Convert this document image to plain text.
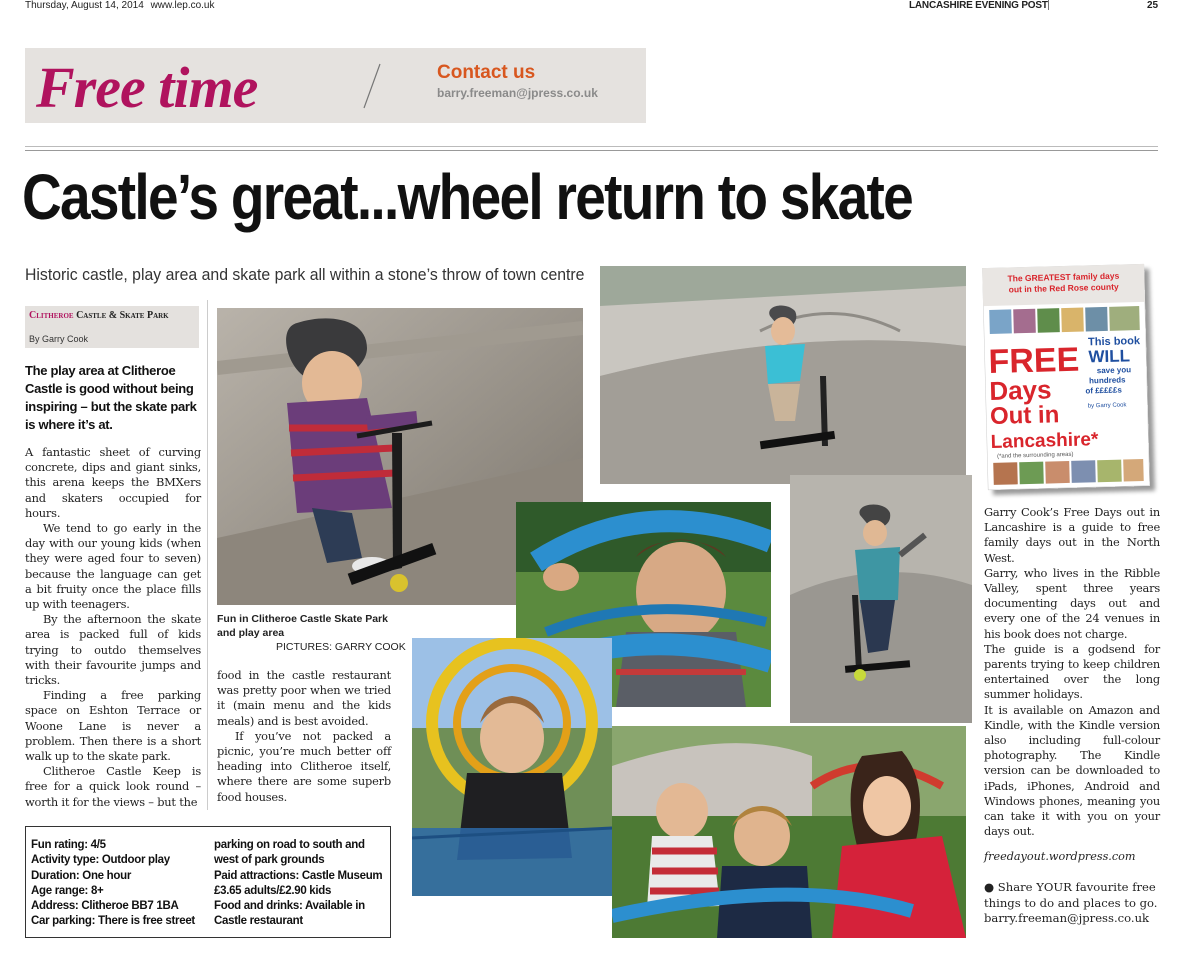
Thursday, August 14, 2014 www.lep.co.uk	LANCASHIRE EVENING POST	25
Free time	Contact us
barry.freeman@jpress.co.uk
Castle’s great...wheel return to skate
Historic castle, play area and skate park all within a stone’s throw of town centre
Clitheroe Castle & Skate Park
By Garry Cook
The play area at Clitheroe Castle is good without being inspiring – but the skate park is where it’s at.

A fantastic sheet of curving concrete, dips and giant sinks, this arena keeps the BMXers and skaters occupied for hours.

We tend to go early in the day with our young kids (when they were aged four to seven) because the language can get a bit fruity once the place fills up with teenagers.

By the afternoon the skate area is packed full of kids trying to outdo themselves with their favourite jumps and tricks.

Finding a free parking space on Eshton Terrace or Woone Lane is never a problem. Then there is a short walk up to the skate park.

Clitheroe Castle Keep is free for a quick look round – worth it for the views – but the

Fun in Clitheroe Castle Skate Park and play area
PICTURES: GARRY COOK

food in the castle restaurant was pretty poor when we tried it (main menu and the kids meals) and is best avoided.

If you’ve not packed a picnic, you’re much better off heading into Clitheroe itself, where there are some superb food houses.

Fun rating: 4/5
Activity type: Outdoor play
Duration: One hour
Age range: 8+
Address: Clitheroe BB7 1BA
Car parking: There is free street
parking on road to south and
west of park grounds
Paid attractions: Castle Museum
£3.65 adults/£2.90 kids
Food and drinks: Available in
Castle restaurant
The GREATEST family days
out in the Red Rose county
FREE
Days
Out in
Lancashire*
(*and the surrounding areas)
This book
WILL
save you
hundreds
of £££££s
by Garry Cook

Garry Cook’s Free Days out in Lancashire is a guide to free family days out in the North West.

Garry, who lives in the Ribble Valley, spent three years documenting days out and every one of the 24 venues in his book does not charge.

The guide is a godsend for parents trying to keep children entertained over the long summer holidays.

It is available on Amazon and Kindle, with the Kindle version also including full-colour photography. The Kindle version can be downloaded to iPads, iPhones, Android and Windows phones, meaning you can take it with you on your days out.

freedayout.wordpress.com
● Share YOUR favourite free things to do and places to go. barry.freeman@jpress.co.uk
